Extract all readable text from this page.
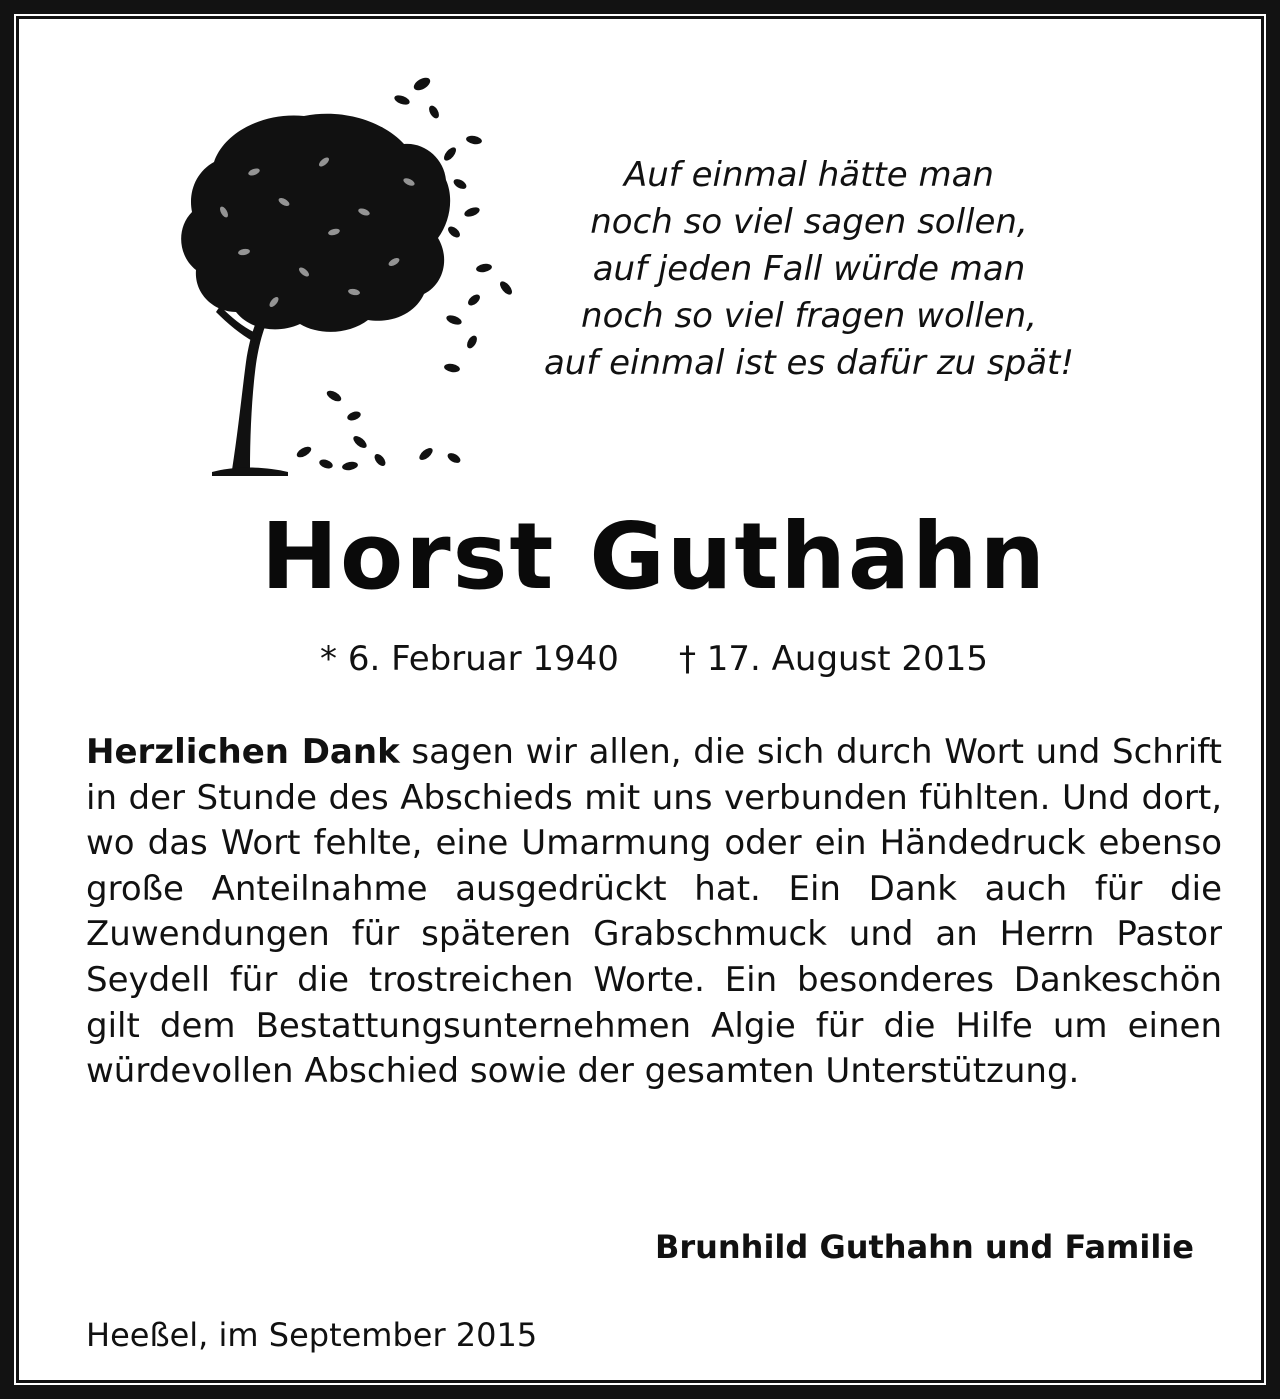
Auf einmal hätte man
noch so viel sagen sollen,
auf jeden Fall würde man
noch so viel fragen wollen,
auf einmal ist es dafür zu spät!
Horst Guthahn
* 6. Februar 1940 † 17. August 2015
Herzlichen Dank sagen wir allen, die sich durch Wort und Schrift in der Stunde des Abschieds mit uns verbunden fühlten. Und dort, wo das Wort fehlte, eine Umarmung oder ein Händedruck ebenso große Anteilnahme ausgedrückt hat. Ein Dank auch für die Zuwendungen für späteren Grabschmuck und an Herrn Pastor Seydell für die trostreichen Worte. Ein besonderes Dankeschön gilt dem Bestattungsunternehmen Algie für die Hilfe um einen würdevollen Abschied sowie der gesamten Unterstützung.
Brunhild Guthahn und Familie
Heeßel, im September 2015
